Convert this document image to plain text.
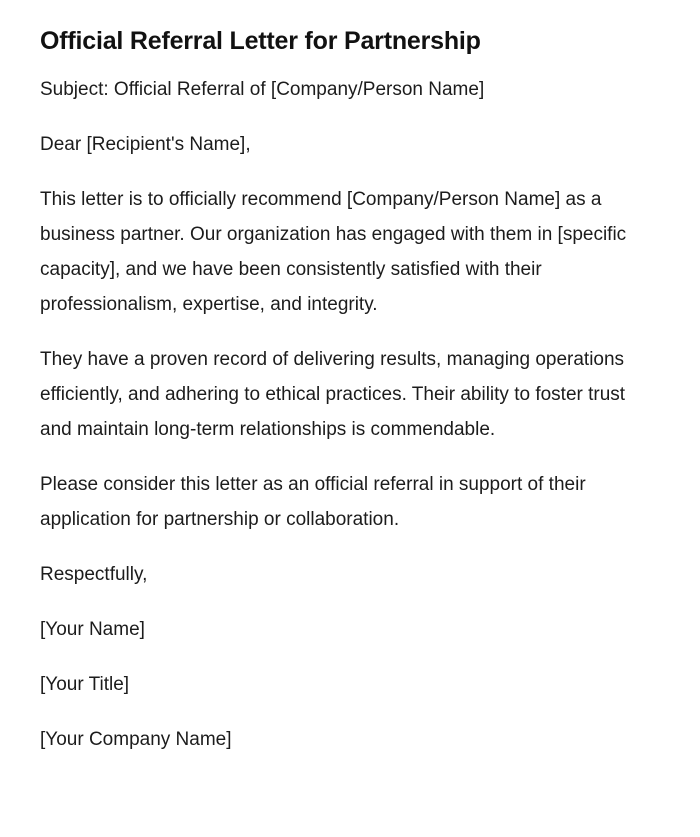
Official Referral Letter for Partnership

Subject: Official Referral of [Company/Person Name]

Dear [Recipient's Name],

This letter is to officially recommend [Company/Person Name] as a business partner. Our organization has engaged with them in [specific capacity], and we have been consistently satisfied with their professionalism, expertise, and integrity.

They have a proven record of delivering results, managing operations efficiently, and adhering to ethical practices. Their ability to foster trust and maintain long-term relationships is commendable.

Please consider this letter as an official referral in support of their application for partnership or collaboration.

Respectfully,

[Your Name]

[Your Title]

[Your Company Name]
